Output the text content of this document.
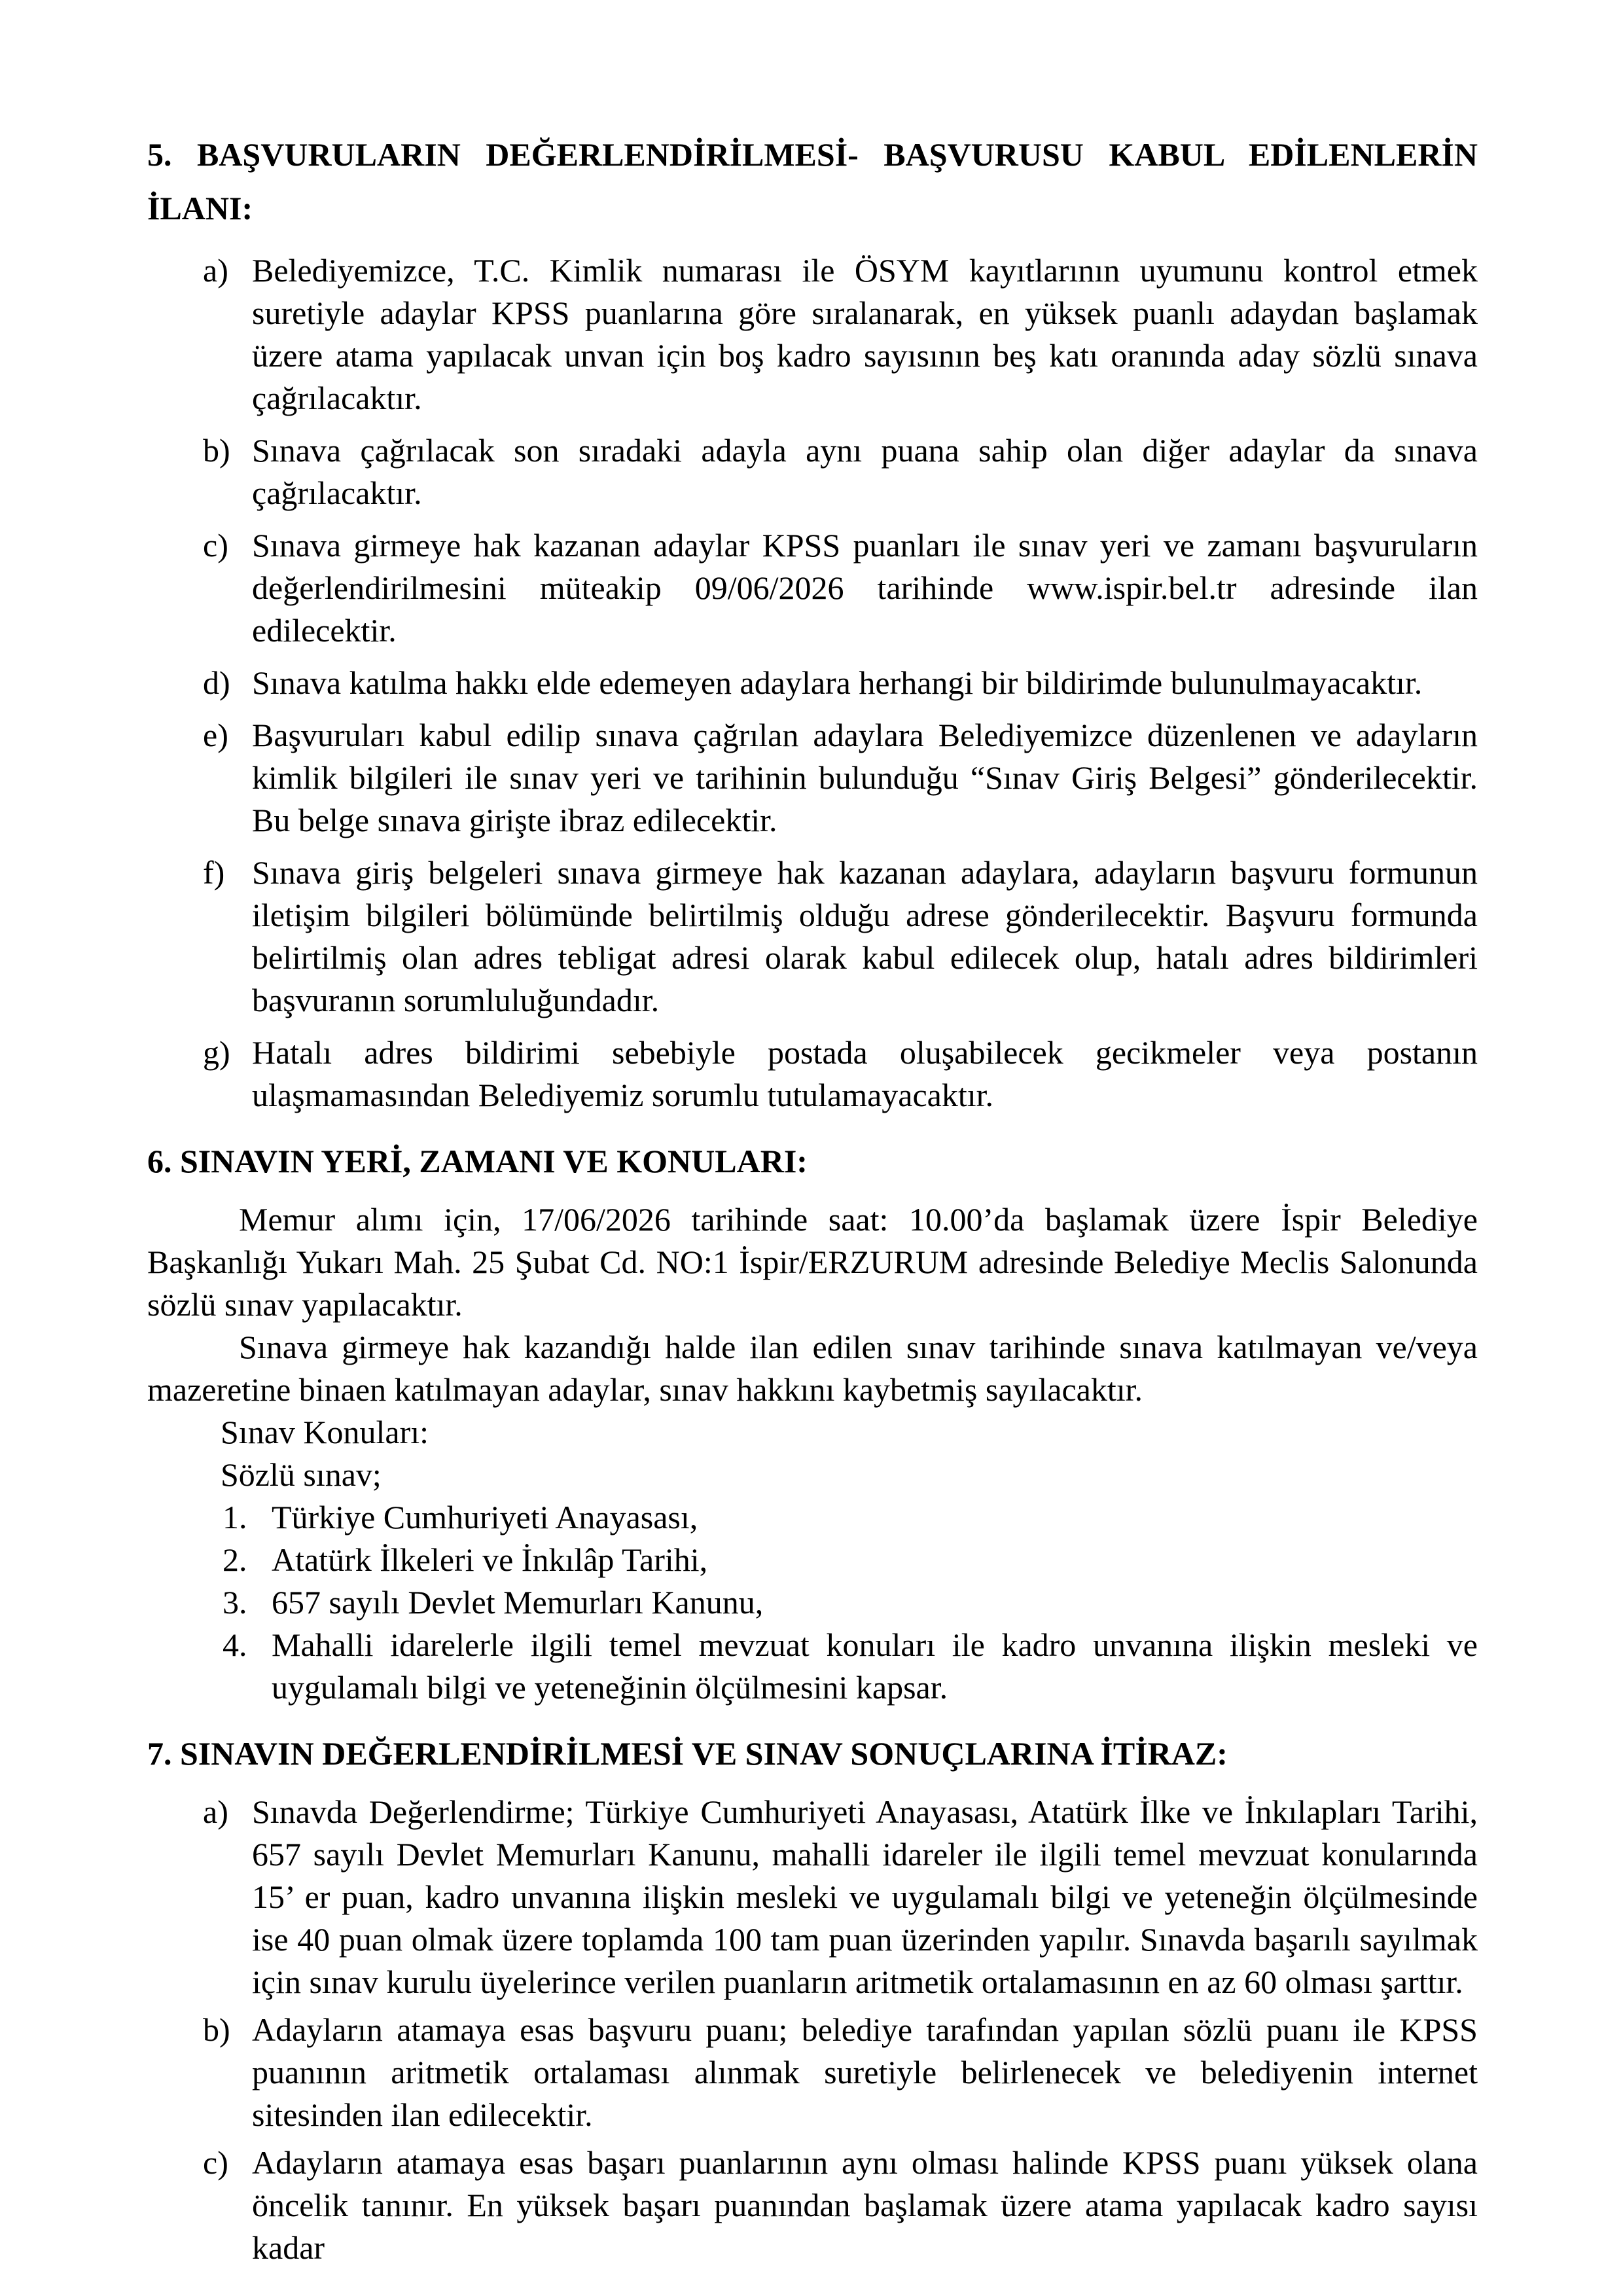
5. BAŞVURULARIN DEĞERLENDİRİLMESİ- BAŞVURUSU KABUL EDİLENLERİN
İLANI:
a) Belediyemizce, T.C. Kimlik numarası ile ÖSYM kayıtlarının uyumunu kontrol etmek suretiyle adaylar KPSS puanlarına göre sıralanarak, en yüksek puanlı adaydan başlamak üzere atama yapılacak unvan için boş kadro sayısının beş katı oranında aday sözlü sınava çağrılacaktır.
b) Sınava çağrılacak son sıradaki adayla aynı puana sahip olan diğer adaylar da sınava çağrılacaktır.
c) Sınava girmeye hak kazanan adaylar KPSS puanları ile sınav yeri ve zamanı başvuruların değerlendirilmesini müteakip 09/06/2026 tarihinde www.ispir.bel.tr adresinde ilan edilecektir.
d) Sınava katılma hakkı elde edemeyen adaylara herhangi bir bildirimde bulunulmayacaktır.
e) Başvuruları kabul edilip sınava çağrılan adaylara Belediyemizce düzenlenen ve adayların kimlik bilgileri ile sınav yeri ve tarihinin bulunduğu “Sınav Giriş Belgesi” gönderilecektir. Bu belge sınava girişte ibraz edilecektir.
f) Sınava giriş belgeleri sınava girmeye hak kazanan adaylara, adayların başvuru formunun iletişim bilgileri bölümünde belirtilmiş olduğu adrese gönderilecektir. Başvuru formunda belirtilmiş olan adres tebligat adresi olarak kabul edilecek olup, hatalı adres bildirimleri başvuranın sorumluluğundadır.
g) Hatalı adres bildirimi sebebiyle postada oluşabilecek gecikmeler veya postanın ulaşmamasından Belediyemiz sorumlu tutulamayacaktır.
6. SINAVIN YERİ, ZAMANI VE KONULARI:
Memur alımı için, 17/06/2026 tarihinde saat: 10.00’da başlamak üzere İspir Belediye Başkanlığı Yukarı Mah. 25 Şubat Cd. NO:1 İspir/ERZURUM adresinde Belediye Meclis Salonunda sözlü sınav yapılacaktır.
Sınava girmeye hak kazandığı halde ilan edilen sınav tarihinde sınava katılmayan ve/veya mazeretine binaen katılmayan adaylar, sınav hakkını kaybetmiş sayılacaktır.
Sınav Konuları:
Sözlü sınav;
1. Türkiye Cumhuriyeti Anayasası,
2. Atatürk İlkeleri ve İnkılâp Tarihi,
3. 657 sayılı Devlet Memurları Kanunu,
4. Mahalli idarelerle ilgili temel mevzuat konuları ile kadro unvanına ilişkin mesleki ve uygulamalı bilgi ve yeteneğinin ölçülmesini kapsar.
7. SINAVIN DEĞERLENDİRİLMESİ VE SINAV SONUÇLARINA İTİRAZ:
a) Sınavda Değerlendirme; Türkiye Cumhuriyeti Anayasası, Atatürk İlke ve İnkılapları Tarihi, 657 sayılı Devlet Memurları Kanunu, mahalli idareler ile ilgili temel mevzuat konularında 15’ er puan, kadro unvanına ilişkin mesleki ve uygulamalı bilgi ve yeteneğin ölçülmesinde ise 40 puan olmak üzere toplamda 100 tam puan üzerinden yapılır. Sınavda başarılı sayılmak için sınav kurulu üyelerince verilen puanların aritmetik ortalamasının en az 60 olması şarttır.
b) Adayların atamaya esas başvuru puanı; belediye tarafından yapılan sözlü puanı ile KPSS puanının aritmetik ortalaması alınmak suretiyle belirlenecek ve belediyenin internet sitesinden ilan edilecektir.
c) Adayların atamaya esas başarı puanlarının aynı olması halinde KPSS puanı yüksek olana öncelik tanınır. En yüksek başarı puanından başlamak üzere atama yapılacak kadro sayısı kadar
